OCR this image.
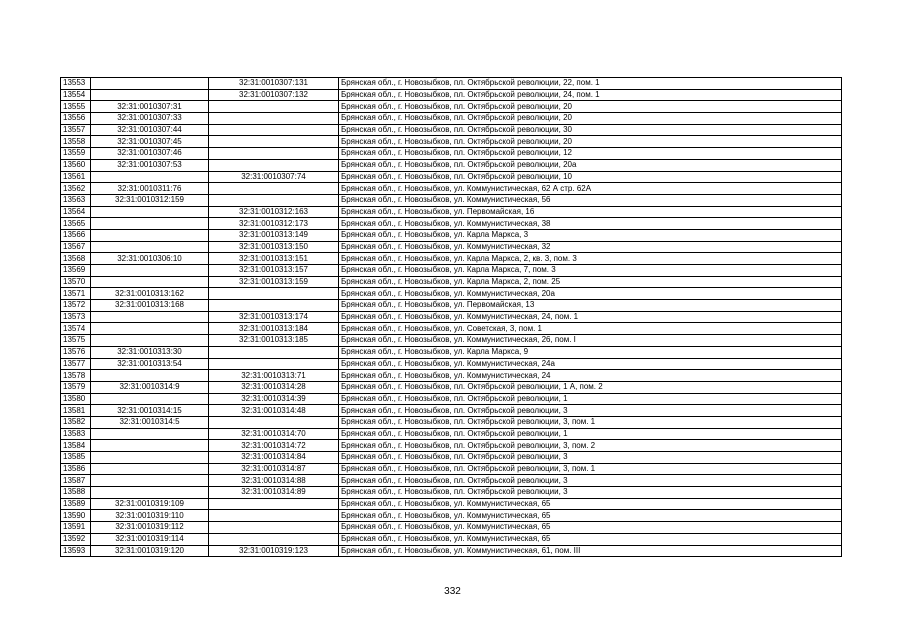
13553		32:31:0010307:131	Брянская обл., г. Новозыбков, пл. Октябрьской революции, 22, пом. 1
13554		32:31:0010307:132	Брянская обл., г. Новозыбков, пл. Октябрьской революции, 24, пом. 1
13555	32:31:0010307:31		Брянская обл., г. Новозыбков, пл. Октябрьской революции, 20
13556	32:31:0010307:33		Брянская обл., г. Новозыбков, пл. Октябрьской революции, 20
13557	32:31:0010307:44		Брянская обл., г. Новозыбков, пл. Октябрьской революции, 30
13558	32:31:0010307:45		Брянская обл., г. Новозыбков, пл. Октябрьской революции, 20
13559	32:31:0010307:46		Брянская обл., г. Новозыбков, пл. Октябрьской революции, 12
13560	32:31:0010307:53		Брянская обл., г. Новозыбков, пл. Октябрьской революции, 20а
13561		32:31:0010307:74	Брянская обл., г. Новозыбков, пл. Октябрьской революции, 10
13562	32:31:0010311:76		Брянская обл., г. Новозыбков, ул. Коммунистическая, 62 А стр. 62А
13563	32:31:0010312:159		Брянская обл., г. Новозыбков, ул. Коммунистическая, 56
13564		32:31:0010312:163	Брянская обл., г. Новозыбков, ул. Первомайская, 16
13565		32:31:0010312:173	Брянская обл., г. Новозыбков, ул. Коммунистическая, 38
13566		32:31:0010313:149	Брянская обл., г. Новозыбков, ул. Карла Маркса, 3
13567		32:31:0010313:150	Брянская обл., г. Новозыбков, ул. Коммунистическая, 32
13568	32:31:0010306:10	32:31:0010313:151	Брянская обл., г. Новозыбков, ул. Карла Маркса, 2, кв. 3, пом. 3
13569		32:31:0010313:157	Брянская обл., г. Новозыбков, ул. Карла Маркса, 7, пом. 3
13570		32:31:0010313:159	Брянская обл., г. Новозыбков, ул. Карла Маркса, 2, пом. 25
13571	32:31:0010313:162		Брянская обл., г. Новозыбков, ул. Коммунистическая, 20а
13572	32:31:0010313:168		Брянская обл., г. Новозыбков, ул. Первомайская, 13
13573		32:31:0010313:174	Брянская обл., г. Новозыбков, ул. Коммунистическая, 24, пом. 1
13574		32:31:0010313:184	Брянская обл., г. Новозыбков, ул. Советская, 3, пом. 1
13575		32:31:0010313:185	Брянская обл., г. Новозыбков, ул. Коммунистическая, 26, пом. I
13576	32:31:0010313:30		Брянская обл., г. Новозыбков, ул. Карла Маркса, 9
13577	32:31:0010313:54		Брянская обл., г. Новозыбков, ул. Коммунистическая, 24а
13578		32:31:0010313:71	Брянская обл., г. Новозыбков, ул. Коммунистическая, 24
13579	32:31:0010314:9	32:31:0010314:28	Брянская обл., г. Новозыбков, пл. Октябрьской революции, 1 А, пом. 2
13580		32:31:0010314:39	Брянская обл., г. Новозыбков, пл. Октябрьской революции, 1
13581	32:31:0010314:15	32:31:0010314:48	Брянская обл., г. Новозыбков, пл. Октябрьской революции, 3
13582	32:31:0010314:5		Брянская обл., г. Новозыбков, пл. Октябрьской революции, 3, пом. 1
13583		32:31:0010314:70	Брянская обл., г. Новозыбков, пл. Октябрьской революции, 1
13584		32:31:0010314:72	Брянская обл., г. Новозыбков, пл. Октябрьской революции, 3, пом. 2
13585		32:31:0010314:84	Брянская обл., г. Новозыбков, пл. Октябрьской революции, 3
13586		32:31:0010314:87	Брянская обл., г. Новозыбков, пл. Октябрьской революции, 3, пом. 1
13587		32:31:0010314:88	Брянская обл., г. Новозыбков, пл. Октябрьской революции, 3
13588		32:31:0010314:89	Брянская обл., г. Новозыбков, пл. Октябрьской революции, 3
13589	32:31:0010319:109		Брянская обл., г. Новозыбков, ул. Коммунистическая, 65
13590	32:31:0010319:110		Брянская обл., г. Новозыбков, ул. Коммунистическая, 65
13591	32:31:0010319:112		Брянская обл., г. Новозыбков, ул. Коммунистическая, 65
13592	32:31:0010319:114		Брянская обл., г. Новозыбков, ул. Коммунистическая, 65
13593	32:31:0010319:120	32:31:0010319:123	Брянская обл., г. Новозыбков, ул. Коммунистическая, 61, пом. III
332
